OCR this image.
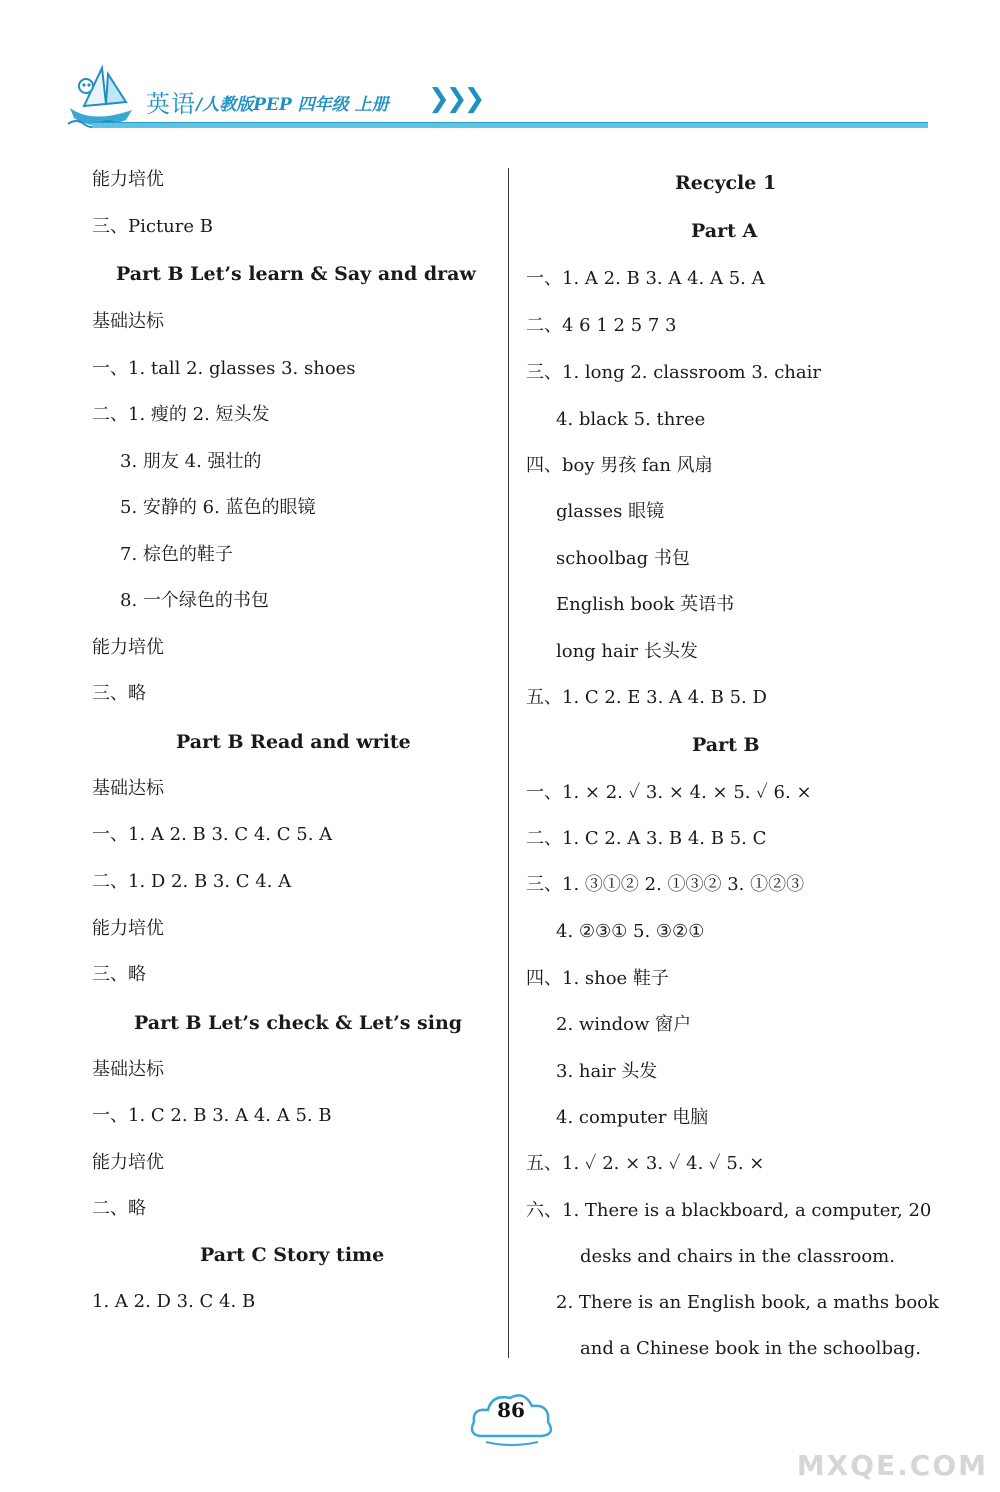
英语 /人教版PEP 四年级 上册 ❯❯❯
能力培优
三、Picture B
Part B Let’s learn & Say and draw
基础达标
一、1. tall 2. glasses 3. shoes
二、1. 瘦的 2. 短头发
3. 朋友 4. 强壮的
5. 安静的 6. 蓝色的眼镜
7. 棕色的鞋子
8. 一个绿色的书包
能力培优
三、略
Part B Read and write
基础达标
一、1. A 2. B 3. C 4. C 5. A
二、1. D 2. B 3. C 4. A
能力培优
三、略
Part B Let’s check & Let’s sing
基础达标
一、1. C 2. B 3. A 4. A 5. B
能力培优
二、略
Part C Story time
1. A 2. D 3. C 4. B
Recycle 1
Part A
一、1. A 2. B 3. A 4. A 5. A
二、4 6 1 2 5 7 3
三、1. long 2. classroom 3. chair
4. black 5. three
四、boy 男孩 fan 风扇
glasses 眼镜
schoolbag 书包
English book 英语书
long hair 长头发
五、1. C 2. E 3. A 4. B 5. D
Part B
一、1. × 2. ✓ 3. × 4. × 5. ✓ 6. ×
二、1. C 2. A 3. B 4. B 5. C
三、1. ③①② 2. ①③② 3. ①②③
4. ②③① 5. ③②①
四、1. shoe 鞋子
2. window 窗户
3. hair 头发
4. computer 电脑
五、1. ✓ 2. × 3. ✓ 4. ✓ 5. ×
六、1. There is a blackboard, a computer, 20
desks and chairs in the classroom.
2. There is an English book, a maths book
and a Chinese book in the schoolbag.
86
MXQE.COM
